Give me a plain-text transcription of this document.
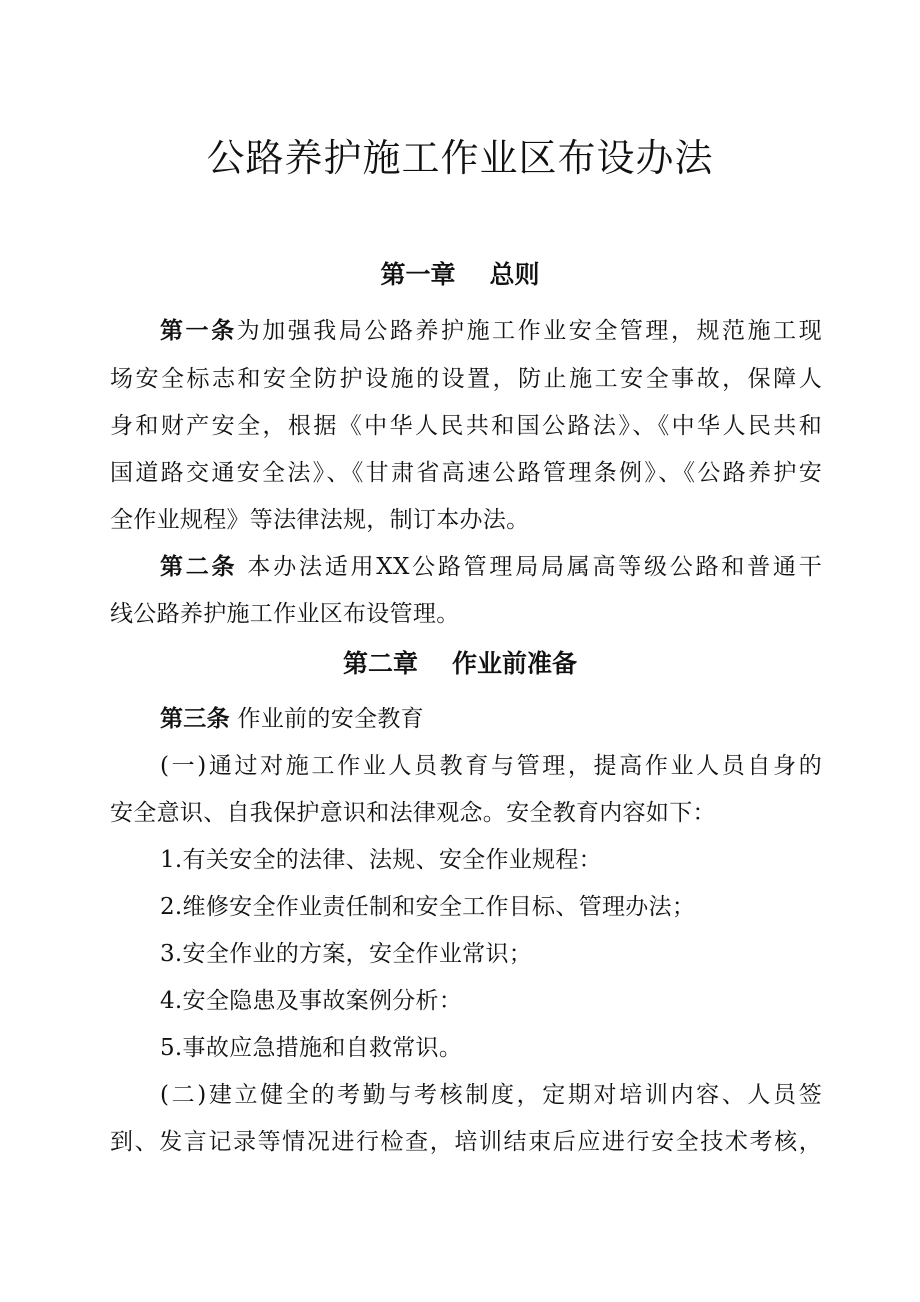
公路养护施工作业区布设办法
第一章 总则
第一条为加强我局公路养护施工作业安全管理，规范施工现
场安全标志和安全防护设施的设置，防止施工安全事故，保障人
身和财产安全，根据《中华人民共和国公路法》、《中华人民共和
国道路交通安全法》、《甘肃省高速公路管理条例》、《公路养护安
全作业规程》等法律法规，制订本办法。
第二条 本办法适用XX公路管理局局属高等级公路和普通干
线公路养护施工作业区布设管理。
第二章 作业前准备
第三条 作业前的安全教育
(一)通过对施工作业人员教育与管理，提高作业人员自身的
安全意识、自我保护意识和法律观念。安全教育内容如下：
1.有关安全的法律、法规、安全作业规程：
2.维修安全作业责任制和安全工作目标、管理办法；
3.安全作业的方案，安全作业常识；
4.安全隐患及事故案例分析：
5.事故应急措施和自救常识。
(二)建立健全的考勤与考核制度，定期对培训内容、人员签
到、发言记录等情况进行检查，培训结束后应进行安全技术考核，
